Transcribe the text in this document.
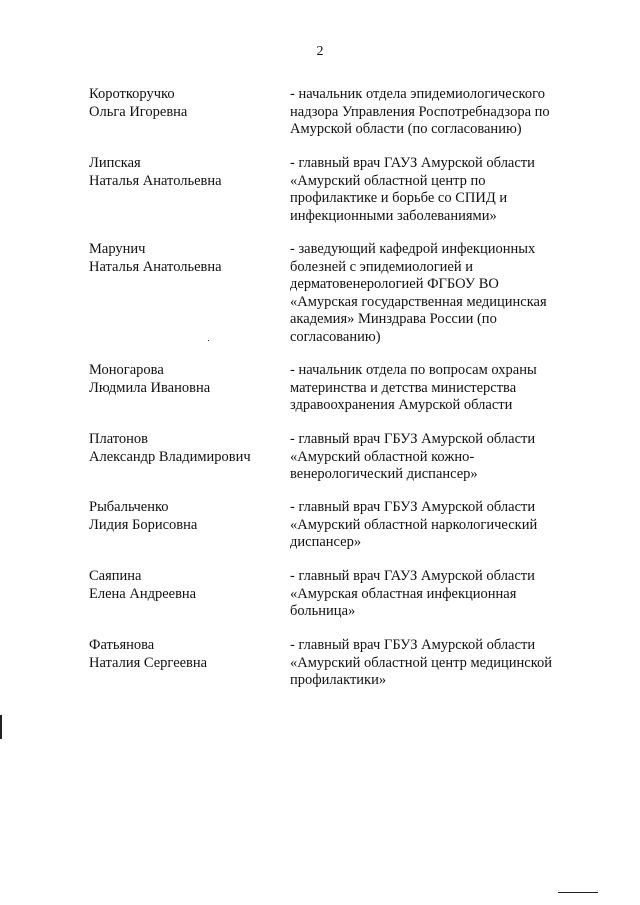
2
Короткоручко
Ольга Игоревна
- начальник отдела эпидемиологического
надзора Управления Роспотребнадзора по
Амурской области (по согласованию)
Липская
Наталья Анатольевна
- главный врач ГАУЗ Амурской области
«Амурский областной центр по
профилактике и борьбе со СПИД и
инфекционными заболеваниями»
Марунич
Наталья Анатольевна
- заведующий кафедрой инфекционных
болезней с эпидемиологией и
дерматовенерологией ФГБОУ ВО
«Амурская государственная медицинская
академия» Минздрава России (по
согласованию)
Моногарова
Людмила Ивановна
- начальник отдела по вопросам охраны
материнства и детства министерства
здравоохранения Амурской области
Платонов
Александр Владимирович
- главный врач ГБУЗ Амурской области
«Амурский областной кожно-
венерологический диспансер»
Рыбальченко
Лидия Борисовна
- главный врач ГБУЗ Амурской области
«Амурский областной наркологический
диспансер»
Саяпина
Елена Андреевна
- главный врач ГАУЗ Амурской области
«Амурская областная инфекционная
больница»
Фатьянова
Наталия Сергеевна
- главный врач ГБУЗ Амурской области
«Амурский областной центр медицинской
профилактики»
